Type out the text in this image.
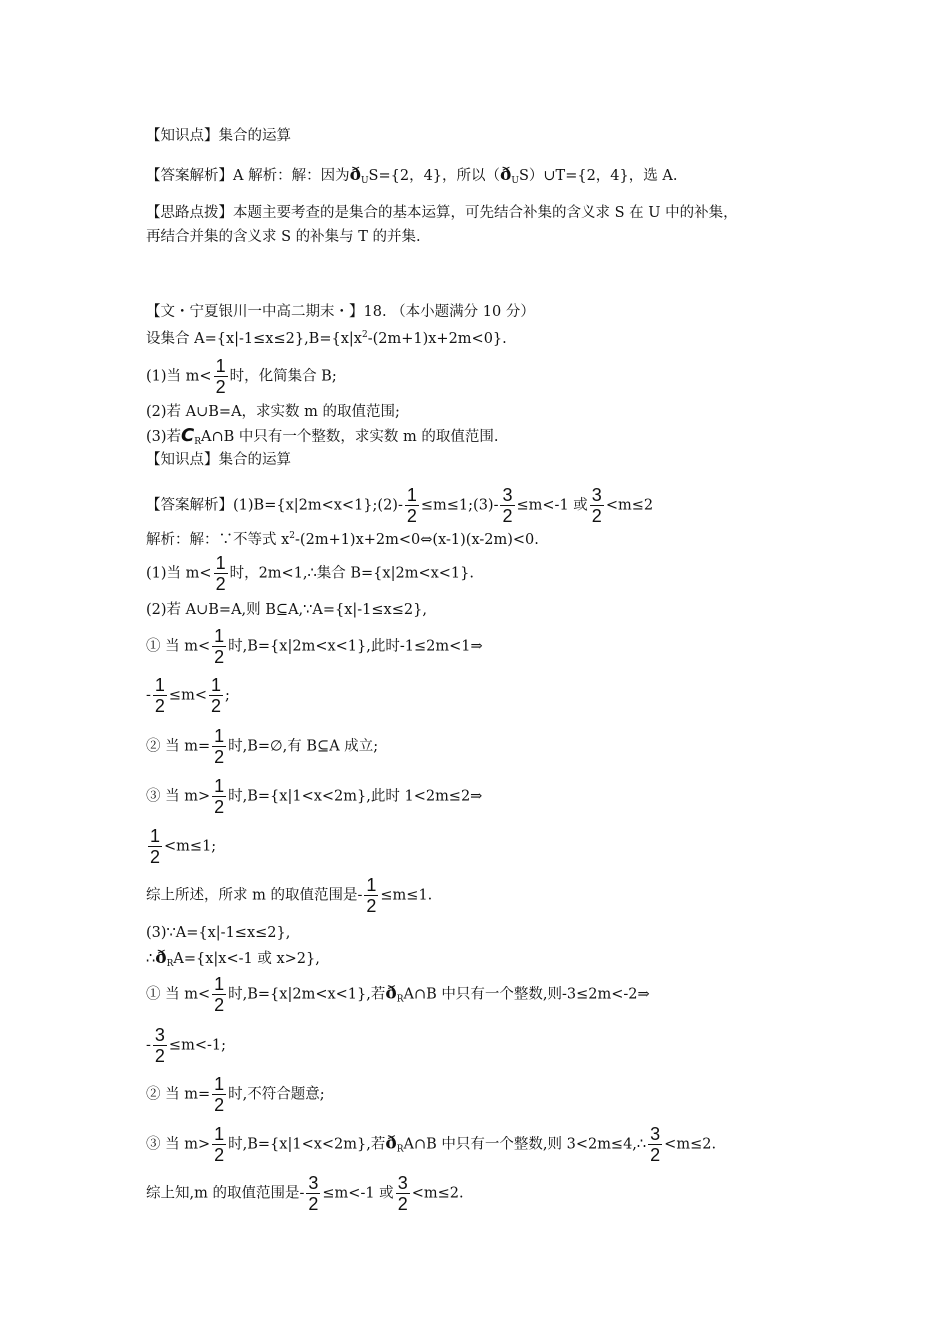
【知识点】集合的运算
【答案解析】A 解析：解：因为$ð_US=\{2$，4}，所以$(ð_US)\cup T=\{2$，4}，选 A.
【思路点拨】本题主要考查的是集合的基本运算，可先结合补集的含义求 S 在 U 中的补集，
再结合并集的含义求 S 的补集与 T 的并集.
【文・宁夏银川一中高二期末・】18. （本小题满分 10 分）
设集合 $A=\{x|-1\le x\le 2\},B=\{x|x^2-(2m+1)x+2m<0\}$.
(1)当 $m< \frac{1}{2}$ 时，化简集合 B;
(2)若 A∪B=A，求实数 m 的取值范围;
(3)若$C_RA\cap B$ 中只有一个整数，求实数 m 的取值范围.
【知识点】集合的运算
【答案解析】(1)B={x|2m<x<1};(2)- $\frac{1}{2}$ ≤m≤1;(3)- $\frac{3}{2} \le m<-1$ 或 $\frac{3}{2} <m\le 2$
解析：解：∵不等式 $x^2-(2m+1)x+2m<0\Leftrightarrow(x-1)(x-2m)<0$.
(1)当 $m< \frac{1}{2}$ 时，2m<1,∴集合 B={x|2m<x<1}.
(2)若 A∪B=A,则 B⊆A,∵A={x|-1≤x≤2},
① 当 $m< \frac{1}{2}$ 时,B={x|2m<x<1},此时-1≤2m<1⇒
- $\frac{1}{2} \le m< \frac{1}{2}$ ;
② 当 $m= \frac{1}{2}$ 时,B=∅,有 B⊆A 成立;
③ 当 $m> \frac{1}{2}$ 时,B={x|1<x<2m},此时 1<2m≤2⇒
$\frac{1}{2} <m\le 1$;
综上所述，所求 m 的取值范围是- $\frac{1}{2} \le m\le 1$.
(3)∵A={x|-1≤x≤2},
$\therefore ð_RA=\{x|x<-1$ 或 x>2},
① 当 $m< \frac{1}{2}$ 时,B={x|2m<x<1},若$ð_RA\cap B$ 中只有一个整数,则-3≤2m<-2⇒
- $\frac{3}{2} \le m<-1$;
② 当 $m= \frac{1}{2}$ 时,不符合题意;
③ 当 $m> \frac{1}{2}$ 时,B={x|1<x<2m},若$ð_RA\cap B$ 中只有一个整数,则 3<2m≤4,∴ $\frac{3}{2} <m\le 2$.
综上知,m 的取值范围是- $\frac{3}{2} \le m<-1$ 或 $\frac{3}{2} <m\le 2$.
